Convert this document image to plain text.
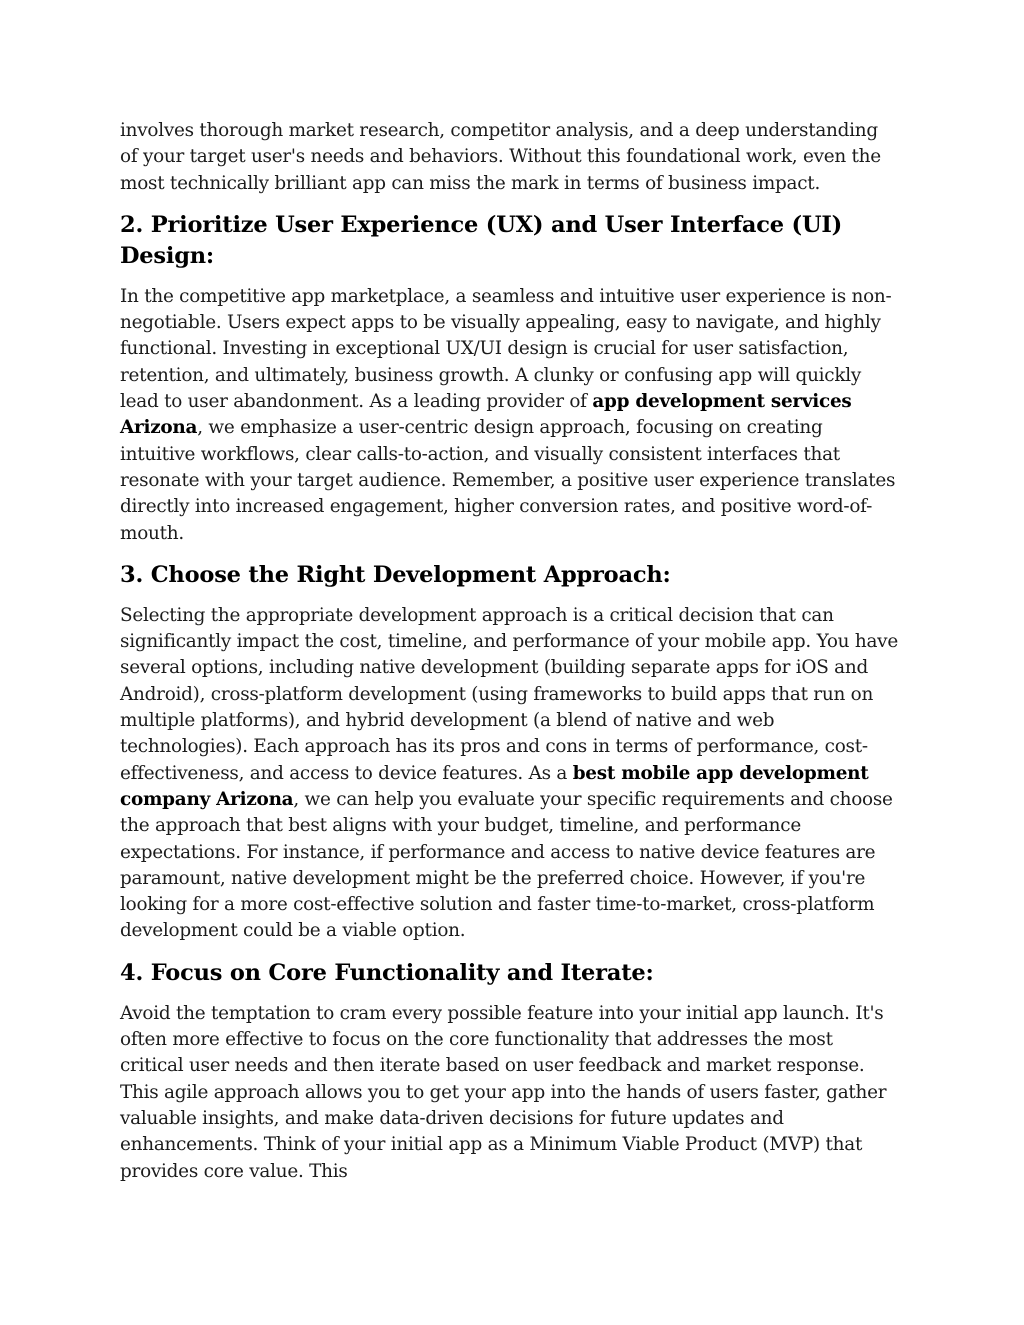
involves thorough market research, competitor analysis, and a deep understanding of your target user's needs and behaviors. Without this foundational work, even the most technically brilliant app can miss the mark in terms of business impact.

2. Prioritize User Experience (UX) and User Interface (UI) Design:

In the competitive app marketplace, a seamless and intuitive user experience is non-negotiable. Users expect apps to be visually appealing, easy to navigate, and highly functional. Investing in exceptional UX/UI design is crucial for user satisfaction, retention, and ultimately, business growth. A clunky or confusing app will quickly lead to user abandonment. As a leading provider of app development services Arizona, we emphasize a user-centric design approach, focusing on creating intuitive workflows, clear calls-to-action, and visually consistent interfaces that resonate with your target audience. Remember, a positive user experience translates directly into increased engagement, higher conversion rates, and positive word-of-mouth.

3. Choose the Right Development Approach:

Selecting the appropriate development approach is a critical decision that can significantly impact the cost, timeline, and performance of your mobile app. You have several options, including native development (building separate apps for iOS and Android), cross-platform development (using frameworks to build apps that run on multiple platforms), and hybrid development (a blend of native and web technologies). Each approach has its pros and cons in terms of performance, cost-effectiveness, and access to device features. As a best mobile app development company Arizona, we can help you evaluate your specific requirements and choose the approach that best aligns with your budget, timeline, and performance expectations. For instance, if performance and access to native device features are paramount, native development might be the preferred choice. However, if you're looking for a more cost-effective solution and faster time-to-market, cross-platform development could be a viable option.

4. Focus on Core Functionality and Iterate:

Avoid the temptation to cram every possible feature into your initial app launch. It's often more effective to focus on the core functionality that addresses the most critical user needs and then iterate based on user feedback and market response. This agile approach allows you to get your app into the hands of users faster, gather valuable insights, and make data-driven decisions for future updates and enhancements. Think of your initial app as a Minimum Viable Product (MVP) that provides core value. This
